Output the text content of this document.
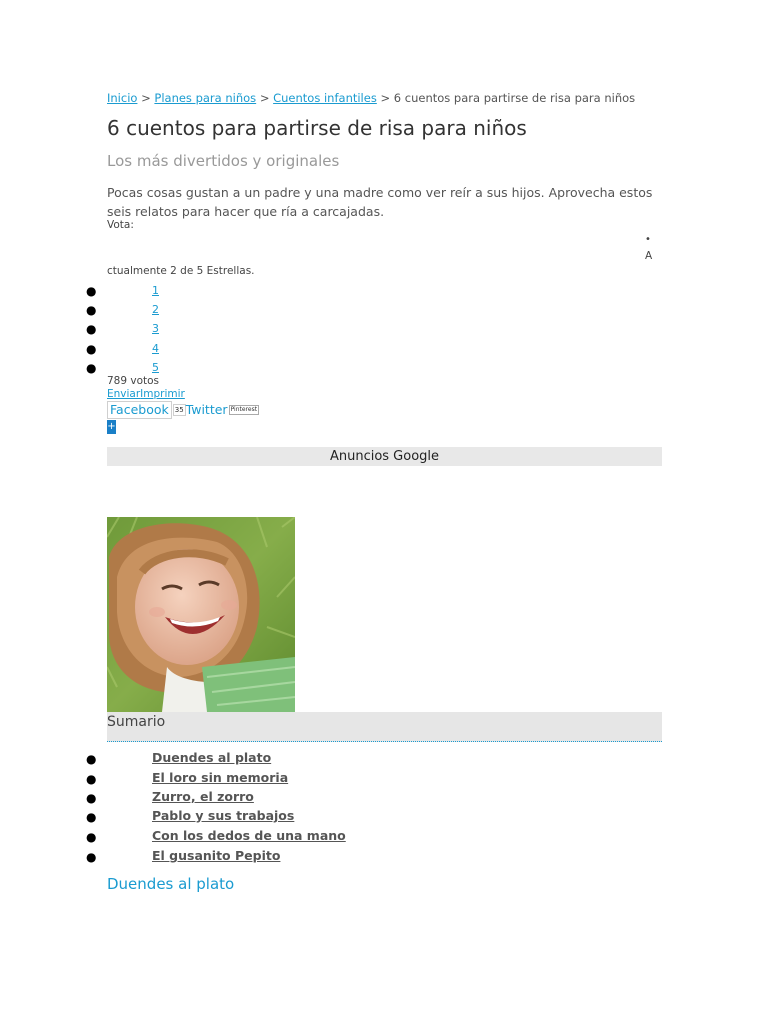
Inicio > Planes para niños > Cuentos infantiles > 6 cuentos para partirse de risa para niños
6 cuentos para partirse de risa para niños
Los más divertidos y originales

Pocas cosas gustan a un padre y una madre como ver reír a sus hijos. Aprovecha estos seis relatos para hacer que ría a carcajadas.

Vota:
•
A
ctualmente 2 de 5 Estrellas.
●	1
●	2
●	3
●	4
●	5
789 votos
EnviarImprimir
Facebook 35 Twitter Pinterest
+
Anuncios Google
Sumario
●	Duendes al plato
●	El loro sin memoria
●	Zurro, el zorro
●	Pablo y sus trabajos
●	Con los dedos de una mano
●	El gusanito Pepito
Duendes al plato
